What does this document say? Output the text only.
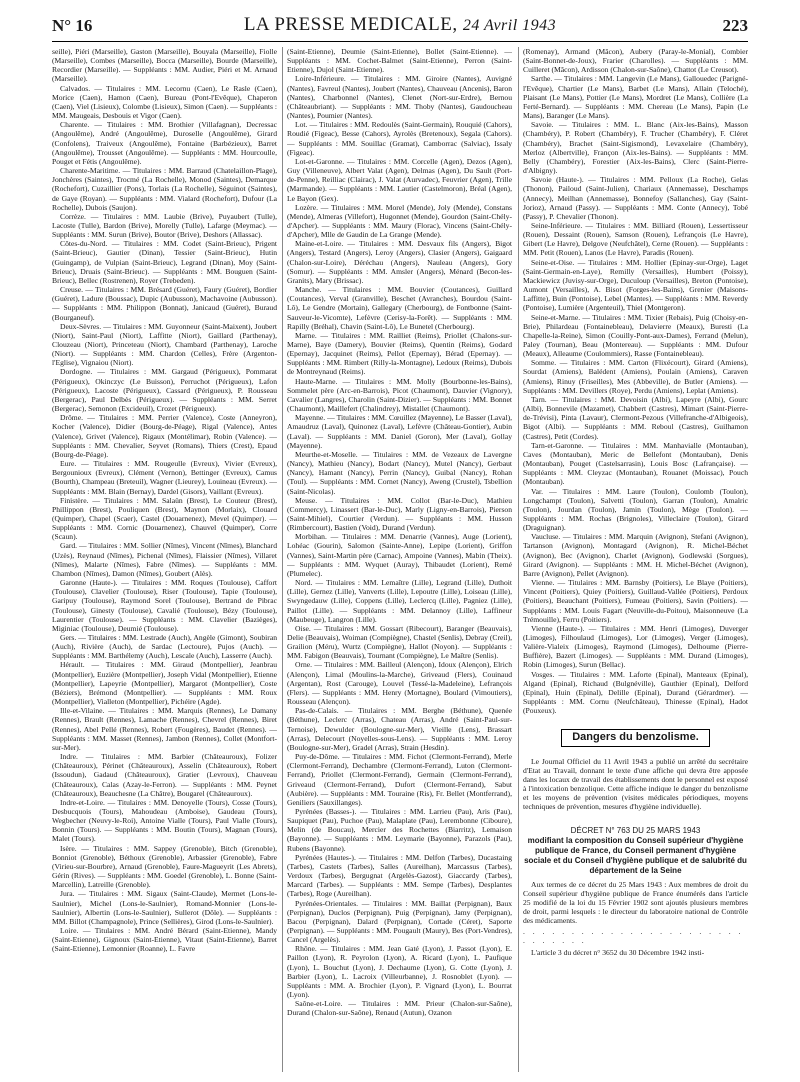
N° 16	LA PRESSE MEDICALE, 24 Avril 1943	223

seille), Piéri (Marseille), Gaston (Marseille), Bouyala (Marseille), Fiolle (Marseille), Combes (Marseille), Bocca (Marseille), Bourde (Marseille), Recordier (Marseille). — Suppléants : MM. Audier, Piéri et M. Arnaud (Marseille).

Calvados. — Titulaires : MM. Lecornu (Caen), Le Rasle (Caen), Morice (Caen), Hamon (Caen), Bureau (Pont-l'Evêque), Chaperon (Caen), Viel (Lisieux), Colombe (Lisieux), Simon (Caen). — Suppléants : MM. Maugeais, Desbouis et Vigor (Caen).

Charente. — Titulaires : MM. Brothier (Villafagnan), Decressac (Angoulême), André (Angoulême), Duroselle (Angoulême), Girard (Confolens), Traiveux (Angoulême), Fontaine (Barbézieux), Barret (Angoulême), Trousset (Angoulême). — Suppléants : MM. Hourcoulle, Pouget et Fétis (Angoulême).

Charente-Maritime. — Titulaires : MM. Barraud (Chatelaillon-Plage), Jonchères (Saintes), Trocmé (La Rochelle), Monod (Saintes), Demarque (Rochefort), Cuzaillier (Pons), Torlais (La Rochelle), Séguinot (Saintes), de Gaye (Royan). — Suppléants : MM. Vialard (Rochefort), Dufour (La Rochelle), Dubois (Saujon).

Corrèze. — Titulaires : MM. Laubie (Brive), Puyaubert (Tulle), Lacoste (Tulle), Bardon (Brive), Morelly (Tulle), Lafarge (Meymac). — Suppléants : MM. Surun (Brive), Boutor (Brive), Deshors (Allassac).

Côtes-du-Nord. — Titulaires : MM. Codet (Saint-Brieuc), Prigent (Saint-Brieuc), Gautier (Dinan), Tessier (Saint-Brieuc), Hutin (Guingamp), de Vulpian (Saint-Brieuc), Legrand (Dinan), Moy (Saint-Brieuc), Druais (Saint-Brieuc). — Suppléants : MM. Bouguen (Saint-Brieuc), Bellec (Rostrenen), Royer (Trebeden).

Creuse. — Titulaires : MM. Brésard (Guéret), Faury (Guéret), Bordier (Guéret), Ladure (Boussac), Dupic (Aubusson), Machavoine (Aubusson). — Suppléants : MM. Philippon (Bonnat), Janicaud (Guéret), Buraud (Bourganeuf).

Deux-Sèvres. — Titulaires : MM. Guyonneur (Saint-Maixent), Joubert (Niort), Saint-Paul (Niort), Laffitte (Niort), Gaillard (Parthenay), Clouzeau (Niort), Princeteau (Niort), Chambard (Parthenay), Laroche (Niort). — Suppléants : MM. Chardon (Celles), Frère (Argenton-l'Eglise), Vignaiou (Niort).

Dordogne. — Titulaires : MM. Gargaud (Périgueux), Pommarat (Périgueux), Okinczyc (Le Buisson), Perruchot (Périgueux), Lafon (Périgueux), Lacoste (Périgueux), Cassard (Périgueux), P. Rousseau (Bergerac), Paul Delbès (Périgueux). — Suppléants : MM. Serret (Bergerac), Semonon (Excideuil), Crozet (Périgueux).

Drôme. — Titulaires : MM. Perrier (Valence), Coste (Anneyron), Kocher (Valence), Didier (Bourg-de-Péage), Rigal (Valence), Antes (Valence), Grivet (Valence), Rigaux (Montélimar), Robin (Valence). — Suppléants : MM. Chevalier, Seyvet (Romans), Thiers (Crest), Epaud (Bourg-de-Péage).

Eure. — Titulaires : MM. Rougeulle (Evreux), Vivier (Evreux), Bergounioux (Evreux), Clément (Vernon), Bettinger (Evreux), Camus (Bourth), Champeau (Breteuil), Wagner (Lieurey), Louineau (Evreux). — Suppléants : MM. Blain (Bernay), Dardel (Gisors), Vaillant (Evreux).

Finistère. — Titulaires : MM. Salaün (Brest), Le Couteur (Brest), Phillippon (Brest), Pouliquen (Brest), Maynon (Morlaix), Clouard (Quimper), Chapel (Scaer), Castel (Douarnenez), Mevel (Quimper). — Suppléants : MM. Cornic (Douarnenez), Chauvel (Quimper), Corre (Scaun).

Gard. — Titulaires : MM. Sollier (Nîmes), Vincent (Nîmes), Blanchard (Uzès), Reynaud (Nîmes), Pichenal (Nîmes), Flaissier (Nîmes), Villaret (Nîmes), Malarte (Nîmes), Fabre (Nîmes). — Suppléants : MM. Chambon (Nîmes), Damon (Nîmes), Goubert (Alès).

Garonne (Haute-). — Titulaires : MM. Roques (Toulouse), Caffort (Toulouse), Clavelier (Toulouse), Riser (Toulouse), Tapie (Toulouse), Garipuy (Toulouse), Raymond Sorel (Toulouse), Bertrand de Pibrac (Toulouse), Ginesty (Toulouse), Cavalié (Toulouse), Bézy (Toulouse), Laurentier (Toulouse). — Suppléants : MM. Clavelier (Bazièges), Miginiac (Toulouse), Deumié (Toulouse).

Gers. — Titulaires : MM. Lestrade (Auch), Angèle (Gimont), Soubiran (Auch), Rivière (Auch), de Sardac (Lectoure), Pujos (Auch). — Suppléants : MM. Barthélemy (Auch), Lescale (Auch), Lasserre (Auch).

Hérault. — Titulaires : MM. Giraud (Montpellier), Jeanbrau (Montpellier), Euzière (Montpellier), Joseph Vidal (Montpellier), Etienne (Montpellier), Lapeyrie (Montpellier), Margarot (Montpellier), Coste (Béziers), Brémond (Montpellier). — Suppléants : MM. Roux (Montpellier), Vialleton (Montpellier), Pichéire (Agde).

Ille-et-Vilaine. — Titulaires : MM. Marquis (Rennes), Le Damany (Rennes), Brault (Rennes), Lamache (Rennes), Chevrel (Rennes), Biret (Rennes), Abel Pellé (Rennes), Robert (Fougères), Baudet (Rennes). — Suppléants : MM. Masset (Rennes), Jambon (Rennes), Collet (Montfort-sur-Mer).

Indre. — Titulaires : MM. Barbier (Châteauroux), Folizer (Châteauroux), Périnet (Châteauroux), Asselin (Châteauroux), Robert (Issoudun), Gadaud (Châteauroux), Gratier (Levroux), Chauveau (Châteauroux), Calas (Azay-le-Ferron). — Suppléants : MM. Peynet (Châteauroux), Beauchesne (La Châtre), Bougarel (Châteauroux).

Indre-et-Loire. — Titulaires : MM. Denoyelle (Tours), Cosse (Tours), Desbucquois (Tours), Mahoudeau (Amboise), Gaudeau (Tours), Wegbecher (Neuvy-le-Roi), Antoine Vialle (Tours), Paul Vialle (Tours), Bonnin (Tours). — Suppléants : MM. Boutin (Tours), Magnan (Tours), Malet (Tours).

Isère. — Titulaires : MM. Sappey (Grenoble), Bitch (Grenoble), Bonniot (Grenoble), Béthoux (Grenoble), Arbassier (Grenoble), Fabre (Virieu-sur-Bourbre), Arnaud (Grenoble), Faure-Magueyrit (Les Abrets), Gérin (Rives). — Suppléants : MM. Goedel (Grenoble), L. Bonne (Saint-Marcellin), Latreille (Grenoble).

Jura. — Titulaires : MM. Sigaux (Saint-Claude), Mermet (Lons-le-Saulnier), Michel (Lons-le-Saulnier), Romand-Monnier (Lons-le-Saulnier), Albertin (Lons-le-Saulnier), Sullerot (Dôle). — Suppléants : MM. Billot (Champagnole), Prince (Sellières), Girod (Lons-le-Saulnier).

Loire. — Titulaires : MM. André Bérard (Saint-Etienne), Mandy (Saint-Etienne), Gignoux (Saint-Etienne), Vitaut (Saint-Etienne), Barret (Saint-Etienne), Lemonnier (Roanne), L. Favre

(Saint-Etienne), Deumie (Saint-Etienne), Bollet (Saint-Etienne). — Suppléants : MM. Cochet-Balmet (Saint-Etienne), Perron (Saint-Etienne), Dujol (Saint-Etienne).

Loire-Inférieure. — Titulaires : MM. Giroire (Nantes), Auvigné (Nantes), Favreul (Nantes), Joubert (Nantes), Chauveau (Ancenis), Baron (Nantes), Charbonnel (Nantes), Clenet (Nort-sur-Erdre), Bernou (Châteaubriant). — Suppléants : MM. Thoby (Nantes), Gaudoucheau (Nantes), Poumier (Nantes).

Lot. — Titulaires : MM. Redoulès (Saint-Germain), Rouquié (Cahors), Roudié (Figeac), Besse (Cahors), Ayrolès (Bretenoux), Segala (Cahors). — Suppléants : MM. Souillac (Gramat), Camborrac (Salviac), Issaly (Figeac).

Lot-et-Garonne. — Titulaires : MM. Corcelle (Agen), Dezos (Agen), Guy (Villeneuve), Albert Valat (Agen), Delmas (Agen), Du Sault (Port-de-Penne), Reilliac (Clairac), J. Valat (Aurvadec), Feuvrier (Agen), Trille (Marmande). — Suppléants : MM. Lautier (Castelmoron), Bréal (Agen), Le Bayon (Gex).

Lozère. — Titulaires : MM. Morel (Mende), Joly (Mende), Constans (Mende), Almeras (Villefort), Hugonnet (Mende), Gourdon (Saint-Chély-d'Apcher). — Suppléants : MM. Maury (Florac), Vincens (Saint-Chély-d'Apcher), Mlle de Gaudin de La Grange (Mende).

Maine-et-Loire. — Titulaires : MM. Desvaux fils (Angers), Bigot (Angers), Testard (Angers), Leroy (Angers), Clasier (Angers), Gaigaard (Chalon-sur-Loire), Déréchau (Angers), Nauleau (Angers), Gory (Somur). — Suppléants : MM. Amsler (Angers), Ménard (Becon-les-Granits), Mary (Brissac).

Manche. — Titulaires : MM. Bouvier (Coutances), Guillard (Coutances), Verval (Granville), Beschet (Avranches), Bourdou (Saint-Lô), Le Gendre (Mortain), Gallegary (Cherbourg), de Fontbonne (Saint-Sauveur-le-Vicomte), Lefèvre (Cerisy-la-Forêt). — Suppléants : MM. Rapilly (Bréhal), Chavin (Saint-Lô), Le Bunetel (Cherbourg).

Marne. — Titulaires : MM. Railliet (Reims), Priollet (Chalons-sur-Marne), Baye (Damery), Bouvier (Reims), Quentin (Reims), Godard (Epernay), Jacquinet (Reims), Pellot (Epernay), Bérad (Epernay). — Suppléants : MM. Rimbert (Rilly-la-Montagne), Ledoux (Reims), Dubois de Montreynaud (Reims).

Haute-Marne. — Titulaires : MM. Molly (Bourbonne-les-Bains), Sommelet père (Arc-en-Barrois), Picot (Chaumont), Dauvier (Vignory), Cavalier (Langres), Charolin (Saint-Dizier). — Suppléants : MM. Bonnet (Chaumont), Maillefert (Chalindrey), Mistallet (Chaumont).

Mayenne. — Titulaires : MM. Cœuillez (Mayenne), Le Basser (Laval), Amaudruz (Laval), Quinonez (Laval), Lefèvre (Château-Gontier), Aubin (Laval). — Suppléants : MM. Daniel (Goron), Mer (Laval), Gollay (Mayenne).

Meurthe-et-Moselle. — Titulaires : MM. de Vezeaux de Lavergne (Nancy), Mathieu (Nancy), Bodart (Nancy), Mutel (Nancy), Gerbaut (Nancy), Hamant (Nancy), Perrin (Nancy), Guibal (Nancy), Rohan (Toul). — Suppléants : MM. Cornet (Nancy), Aweng (Crustel), Tsbellion (Saint-Nicolas).

Meuse. — Titulaires : MM. Collot (Bar-le-Duc), Mathieu (Commercy), Linassert (Bar-le-Duc), Marly (Ligny-en-Barrois), Pierson (Saint-Mihiel), Courtier (Verdun). — Suppléants : MM. Husson (Rimbercourt), Bastien (Void), Durand (Verdun).

Morbihan. — Titulaires : MM. Denarrie (Vannes), Auge (Lorient), Lohéac (Gourin), Salomon (Sainte-Anne), Lepipe (Lorient), Griffon (Vannes), Saint-Martin père (Carnac), Ampoine (Vannes), Mabin (Theix). — Suppléants : MM. Wyquet (Auray), Thibaudet (Lorient), Remé (Plumelec).

Nord. — Titulaires : MM. Lemaître (Lille), Legrand (Lille), Duthoit (Lille), Gernez (Lille), Vanverts (Lille), Lepoutre (Lille), Loiseau (Lille), Swyngedauw (Lille), Coppens (Lille), Leclercq (Lille), Pagniez (Lille), Paillot (Lille). — Suppléants : MM. Delannoy (Lille), Laffineur (Maubeuge), Langron (Lille).

Oise. — Titulaires : MM. Gossart (Ribecourt), Baranger (Beauvais), Delie (Beauvais), Woiman (Compiègne), Chastel (Senlis), Debray (Creil), Grailion (Méru), Wurtz (Compiègne), Hallot (Noyon). — Suppléants : MM. Fabigon (Beauvais), Tournant (Compiègne), Le Maître (Senlis).

Orne. — Titulaires : MM. Bailleul (Alençon), Idoux (Alençon), Elrich (Alençon), Limal (Moulins-la-Marche), Griveaud (Flers), Couinaud (Argentan), Rost (Carouge), Louvel (Tessé-la-Madeleine), Lefrançois (Flers). — Suppléants : MM. Henry (Mortagne), Boulard (Vimoutiers), Rousseau (Alençon).

Pas-de-Calais. — Titulaires : MM. Berghe (Béthune), Quenée (Béthune), Leclerc (Arras), Chateau (Arras), André (Saint-Paul-sur-Ternoise), Dewulder (Boulogne-sur-Mer), Vieille (Lens), Brassart (Arras), Delecourt (Noyelles-sous-Lens). — Suppléants : MM. Leroy (Boulogne-sur-Mer), Gradel (Arras), Strain (Hesdin).

Puy-de-Dôme. — Titulaires : MM. Fichot (Clermont-Ferrand), Merle (Clermont-Ferrand), Dechambre (Clermont-Ferrand), Luton (Clermont-Ferrand), Priollet (Clermont-Ferrand), Germain (Clermont-Ferrand), Griveaud (Clermont-Ferrand), Dufort (Clermont-Ferrand), Sabut (Aubière). — Suppléants : MM. Touraine (Ris), Fr. Bellet (Montferrand), Geniliers (Sauxillanges).

Pyrénées (Basses-). — Titulaires : MM. Larrieu (Pau), Aris (Pau), Saupiquet (Pau), Puchoe (Pau), Malaplate (Pau), Lerembonne (Ciboure), Melin (de Boucau), Mercier des Rochettes (Biarritz), Lemaison (Bayonne). — Suppléants : MM. Leymarie (Bayonne), Parazols (Pau), Rubens (Bayonne).

Pyrénées (Hautes-). — Titulaires : MM. Delfon (Tarbes), Ducastaing (Tarbes), Castets (Tarbes), Salles (Aureilhan), Marcassus (Tarbes), Verdoux (Tarbes), Bergugnat (Argelès-Gazost), Giaccardy (Tarbes), Marcard (Tarbes). — Suppléants : MM. Sempe (Tarbes), Desplantes (Tarbes), Roge (Aureilhan).

Pyrénées-Orientales. — Titulaires : MM. Baillat (Perpignan), Baux (Perpignan), Duclos (Perpignan), Puig (Perpignan), Jamy (Perpignan), Bacou (Perpignan), Dalard (Perpignan), Cortade (Céret), Saporte (Perpignan). — Suppléants : MM. Pougault (Maury), Bes (Port-Vendres), Cancel (Argelès).

Rhône. — Titulaires : MM. Jean Gaté (Lyon), J. Passot (Lyon), E. Paillon (Lyon), R. Peyrolon (Lyon), A. Ricard (Lyon), L. Paufique (Lyon), L. Bouchut (Lyon), J. Dechaume (Lyon), G. Cotte (Lyon), J. Barbier (Lyon), L. Lacroix (Villeurbanne), J. Rosnoblet (Lyon). — Suppléants : MM. A. Brochier (Lyon), P. Vignard (Lyon), L. Bourrat (Lyon).

Saône-et-Loire. — Titulaires : MM. Prieur (Chalon-sur-Saône), Durand (Chalon-sur-Saône), Renaud (Autun), Ozanon

(Romenay), Armand (Mâcon), Aubery (Paray-le-Monial), Combier (Saint-Bonnet-de-Joux), Frarier (Charolles). — Suppléants : MM. Cuilleret (Mâcon), Ardisson (Chalon-sur-Saône), Chattot (Le Creusot).

Sarthe. — Titulaires : MM. Langevin (Le Mans), Gallouedec (Parigné-l'Evêque), Chartier (Le Mans), Barbet (Le Mans), Allain (Teloché), Plaisant (Le Mans), Pottier (Le Mans), Mordret (Le Mans), Collière (La Ferté-Bernard). — Suppléants : MM. Chereau (Le Mans), Papin (Le Mans), Baranger (Le Mans).

Savoie. — Titulaires : MM. L. Blanc (Aix-les-Bains), Masson (Chambéry), P. Robert (Chambéry), F. Trucher (Chambéry), F. Cléret (Chambéry), Brachet (Saint-Sigismond), Levaxelaire (Chambéry), Merloz (Albertville), Françon (Aix-les-Bains). — Suppléants : MM. Belly (Chambéry), Forestier (Aix-les-Bains), Clerc (Saint-Pierre-d'Albigny).

Savoie (Haute-). — Titulaires : MM. Pelloux (La Roche), Gelas (Thonon), Pailoud (Saint-Julien), Chariaux (Annemasse), Deschamps (Annecy), Meilhan (Annemasse), Bonnefoy (Sallanches), Gay (Saint-Jorioz), Arnaud (Passy). — Suppléants : MM. Conte (Annecy), Tobé (Passy), P. Chevalier (Thonon).

Seine-Inférieure. — Titulaires : MM. Billiard (Rouen), Lessertisseur (Rouen), Dessaint (Rouen), Samson (Rouen), Lefrançois (Le Havre), Gibert (Le Havre), Delgove (Neufchâtel), Cerne (Rouen). — Suppléants : MM. Petit (Rouen), Lanos (Le Havre), Paradis (Rouen).

Seine-et-Oise. — Titulaires : MM. Hollier (Epinay-sur-Orge), Laget (Saint-Germain-en-Laye), Remilly (Versailles), Humbert (Poissy), Mackiewicz (Juvisy-sur-Orge), Duculoup (Versailles), Breton (Pontoise), Aumont (Versailles), A. Bisot (Forges-les-Bains), Grenier (Maisons-Laffitte), Buin (Pontoise), Lebel (Mantes). — Suppléants : MM. Reverdy (Pontoise), Lumière (Argenteuil), Thiel (Montgeron).

Seine-et-Marne. — Titulaires : MM. Tixier (Rebais), Puig (Choisy-en-Brie), Philardeau (Fontainebleau), Delavierre (Meaux), Buresti (La Chapelle-la-Reine), Simon (Couilly-Pont-aux-Dames), Ferrand (Melun), Paley (Tournan), Beau (Montereau). — Suppléants : MM. Dufour (Meaux), Alleaume (Coulommiers), Rasse (Fontainebleau).

Somme. — Titulaires : MM. Carton (Flixécourt), Girard (Amiens), Sourdat (Amiens), Balédent (Amiens), Poulain (Amiens), Caraven (Amiens), Rinuy (Friseilles), Mes (Abbeville), de Butler (Amiens). — Suppléants : MM. Devillers (Roye), Perdu (Amiens), Leplat (Amiens).

Tarn. — Titulaires : MM. Devoisin (Albi), Lapeyre (Albi), Gourc (Albi), Bonnevile (Mazamet), Chabbert (Castres), Mimart (Saint-Pierre-de-Trévisi), Pinta (Lavaur), Clermont-Pezous (Villefranche-d'Albigeois), Bigot (Albi). — Suppléants : MM. Reboul (Castres), Guilhamon (Castres), Petit (Cordes).

Tarn-et-Garonne. — Titulaires : MM. Manhavialle (Montauban), Caves (Montauban), Meric de Bellefont (Montauban), Denis (Montauban), Pouget (Castelsarrasin), Louis Bosc (Lafrançaise). — Suppléants : MM. Cleyzac (Montauban), Rouanet (Moissac), Pouch (Montauban).

Var. — Titulaires : MM. Laure (Toulon), Coulomb (Toulon), Longchampt (Toulon), Salvetti (Toulon), Garran (Toulon), Amalric (Toulon), Jourdan (Toulon), Jamin (Toulon), Mège (Toulon). — Suppléants : MM. Rochas (Brignoles), Villeclaire (Toulon), Girard (Draguignan).

Vaucluse. — Titulaires : MM. Marquin (Avignon), Stefani (Avignon), Tartanson (Avignon), Montagard (Avignon), R. Michel-Béchet (Avignon), Bec (Avignon), Charlet (Avignon), Godlewski (Sorgues), Girard (Avignon). — Suppléants : MM. H. Michel-Béchet (Avignon), Barre (Avignon), Pellet (Avignon).

Vienne. — Titulaires : MM. Barnsby (Poitiers), Le Blaye (Poitiers), Vincent (Poitiers), Quiey (Poitiers), Guillaud-Vallée (Poitiers), Perdoux (Poitiers), Beauchant (Poitiers), Fumeau (Poitiers), Savin (Poitiers). — Suppléants : MM. Louis Fagart (Neuville-du-Poitou), Maisonneuve (La Trémouille), Ferru (Poitiers).

Vienne (Haute-). — Titulaires : MM. Henri (Limoges), Duverger (Limoges), Filhoulaud (Limoges), Lor (Limoges), Verger (Limoges), Valière-Vialeix (Limoges), Raymond (Limoges), Delhoume (Pierre-Buffière), Bazert (Limoges). — Suppléants : MM. Durand (Limoges), Robin (Limoges), Surun (Bellac).

Vosges. — Titulaires : MM. Laforte (Epinal), Manteaux (Epinal), Algand (Epinal), Richaud (Bulgnéville), Gauthier (Epinal), Delford (Epinal), Huin (Epinal), Delille (Epinal), Durand (Gérardmer). — Suppléants : MM. Cornu (Neufchâteau), Thinesse (Epinal), Hadot (Pouxeux).

Dangers du benzolisme.

Le Journal Officiel du 11 Avril 1943 a publié un arrêté du secrétaire d'Etat au Travail, donnant le texte d'une affiche qui devra être apposée dans les locaux de travail des établissements dont le personnel est exposé à l'intoxication benzolique. Cette affiche indique le danger du benzolisme et les moyens de prévention (visites médicales périodiques, moyens techniques de prévention, mesures d'hygiène individuelle).

DÉCRET N° 763 DU 25 MARS 1943
modifiant la composition du Conseil supérieur d'hygiène publique de France, du Conseil permanent d'hygiène sociale et du Conseil d'hygiène publique et de salubrité du département de la Seine

Aux termes de ce décret du 25 Mars 1943 : Aux membres de droit du Conseil supérieur d'hygiène publique de France énumérés dans l'article 25 modifié de la loi du 15 Février 1902 sont ajoutés plusieurs membres de droit, parmi lesquels : le directeur du laboratoire national de Contrôle des médicaments.

. . . . . . . . . . . . . . . . . . . . . . . . . . . . . .

L'article 3 du décret n° 3652 du 30 Décembre 1942 insti-
